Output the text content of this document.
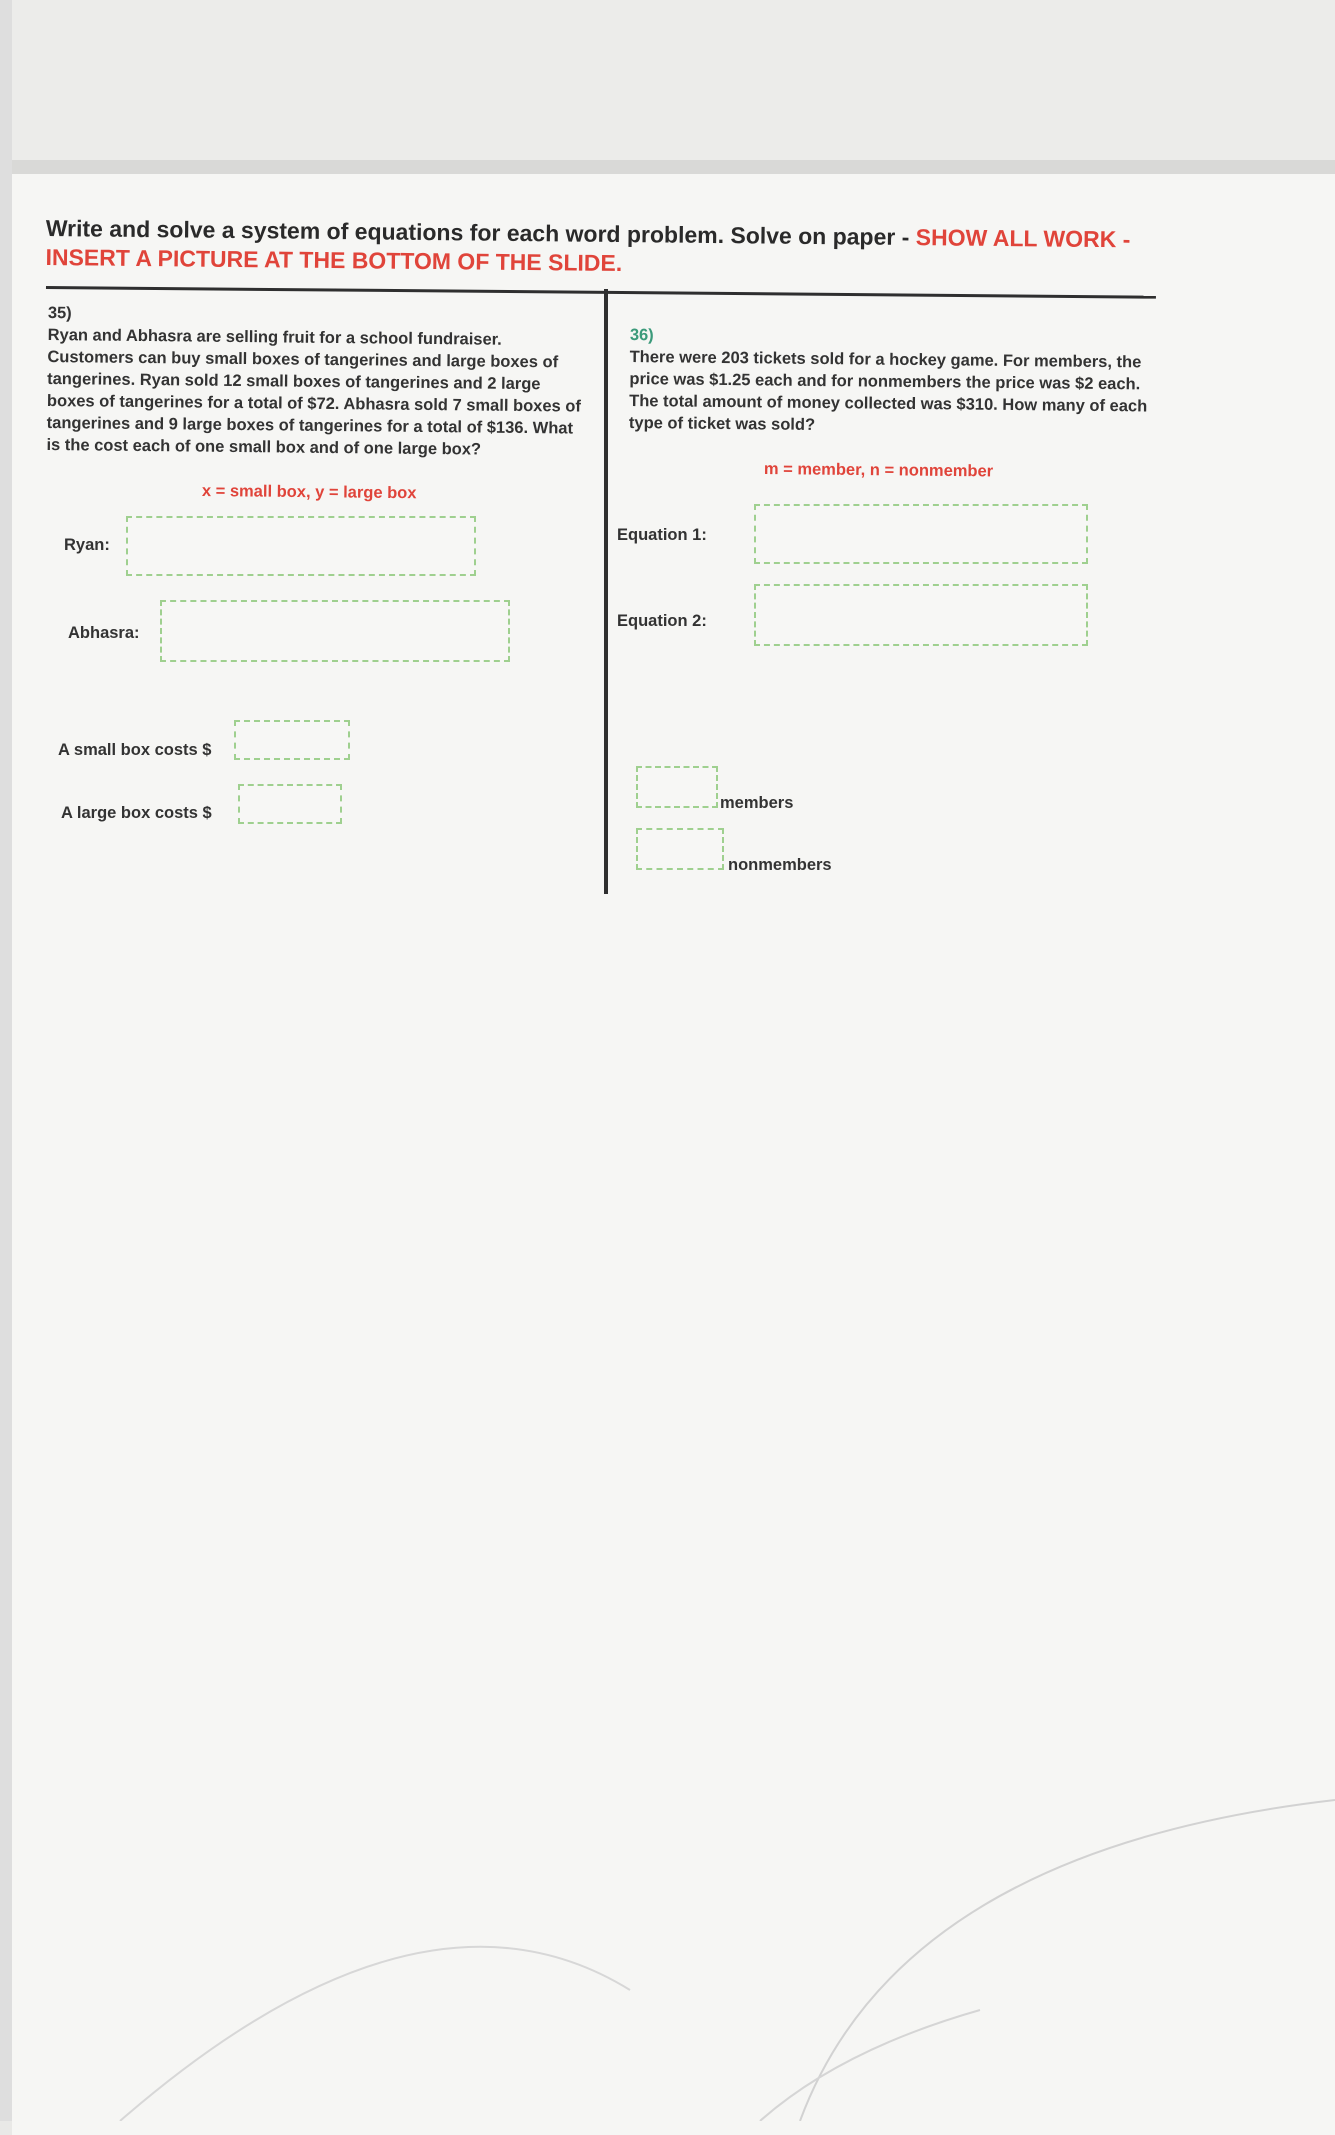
Write and solve a system of equations for each word problem. Solve on paper - SHOW ALL WORK - INSERT A PICTURE AT THE BOTTOM OF THE SLIDE.
35)
Ryan and Abhasra are selling fruit for a school fundraiser. Customers can buy small boxes of tangerines and large boxes of tangerines. Ryan sold 12 small boxes of tangerines and 2 large boxes of tangerines for a total of $72. Abhasra sold 7 small boxes of tangerines and 9 large boxes of tangerines for a total of $136. What is the cost each of one small box and of one large box?
x = small box, y = large box
Ryan:
Abhasra:
A small box costs $
A large box costs $
36)
There were 203 tickets sold for a hockey game. For members, the price was $1.25 each and for nonmembers the price was $2 each. The total amount of money collected was $310. How many of each type of ticket was sold?
m = member, n = nonmember
Equation 1:
Equation 2:
members
nonmembers
